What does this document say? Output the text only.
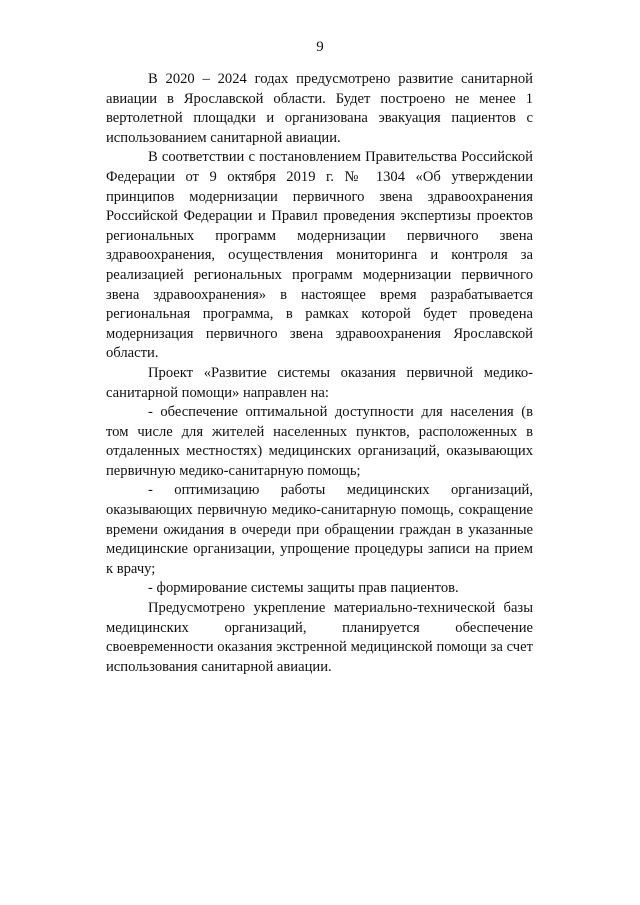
9

В 2020 – 2024 годах предусмотрено развитие санитарной авиации в Ярославской области. Будет построено не менее 1 вертолетной площадки и организована эвакуация пациентов с использованием санитарной авиации.

В соответствии с постановлением Правительства Российской Федерации от 9 октября 2019 г. № 1304 «Об утверждении принципов модернизации первичного звена здравоохранения Российской Федерации и Правил проведения экспертизы проектов региональных программ модернизации первичного звена здравоохранения, осуществления мониторинга и контроля за реализацией региональных программ модернизации первичного звена здравоохранения» в настоящее время разрабатывается региональная программа, в рамках которой будет проведена модернизация первичного звена здравоохранения Ярославской области.

Проект «Развитие системы оказания первичной медико-санитарной помощи» направлен на:

- обеспечение оптимальной доступности для населения (в том числе для жителей населенных пунктов, расположенных в отдаленных местностях) медицинских организаций, оказывающих первичную медико-санитарную помощь;

- оптимизацию работы медицинских организаций, оказывающих первичную медико-санитарную помощь, сокращение времени ожидания в очереди при обращении граждан в указанные медицинские организации, упрощение процедуры записи на прием к врачу;

- формирование системы защиты прав пациентов.

Предусмотрено укрепление материально-технической базы медицинских организаций, планируется обеспечение своевременности оказания экстренной медицинской помощи за счет использования санитарной авиации.
